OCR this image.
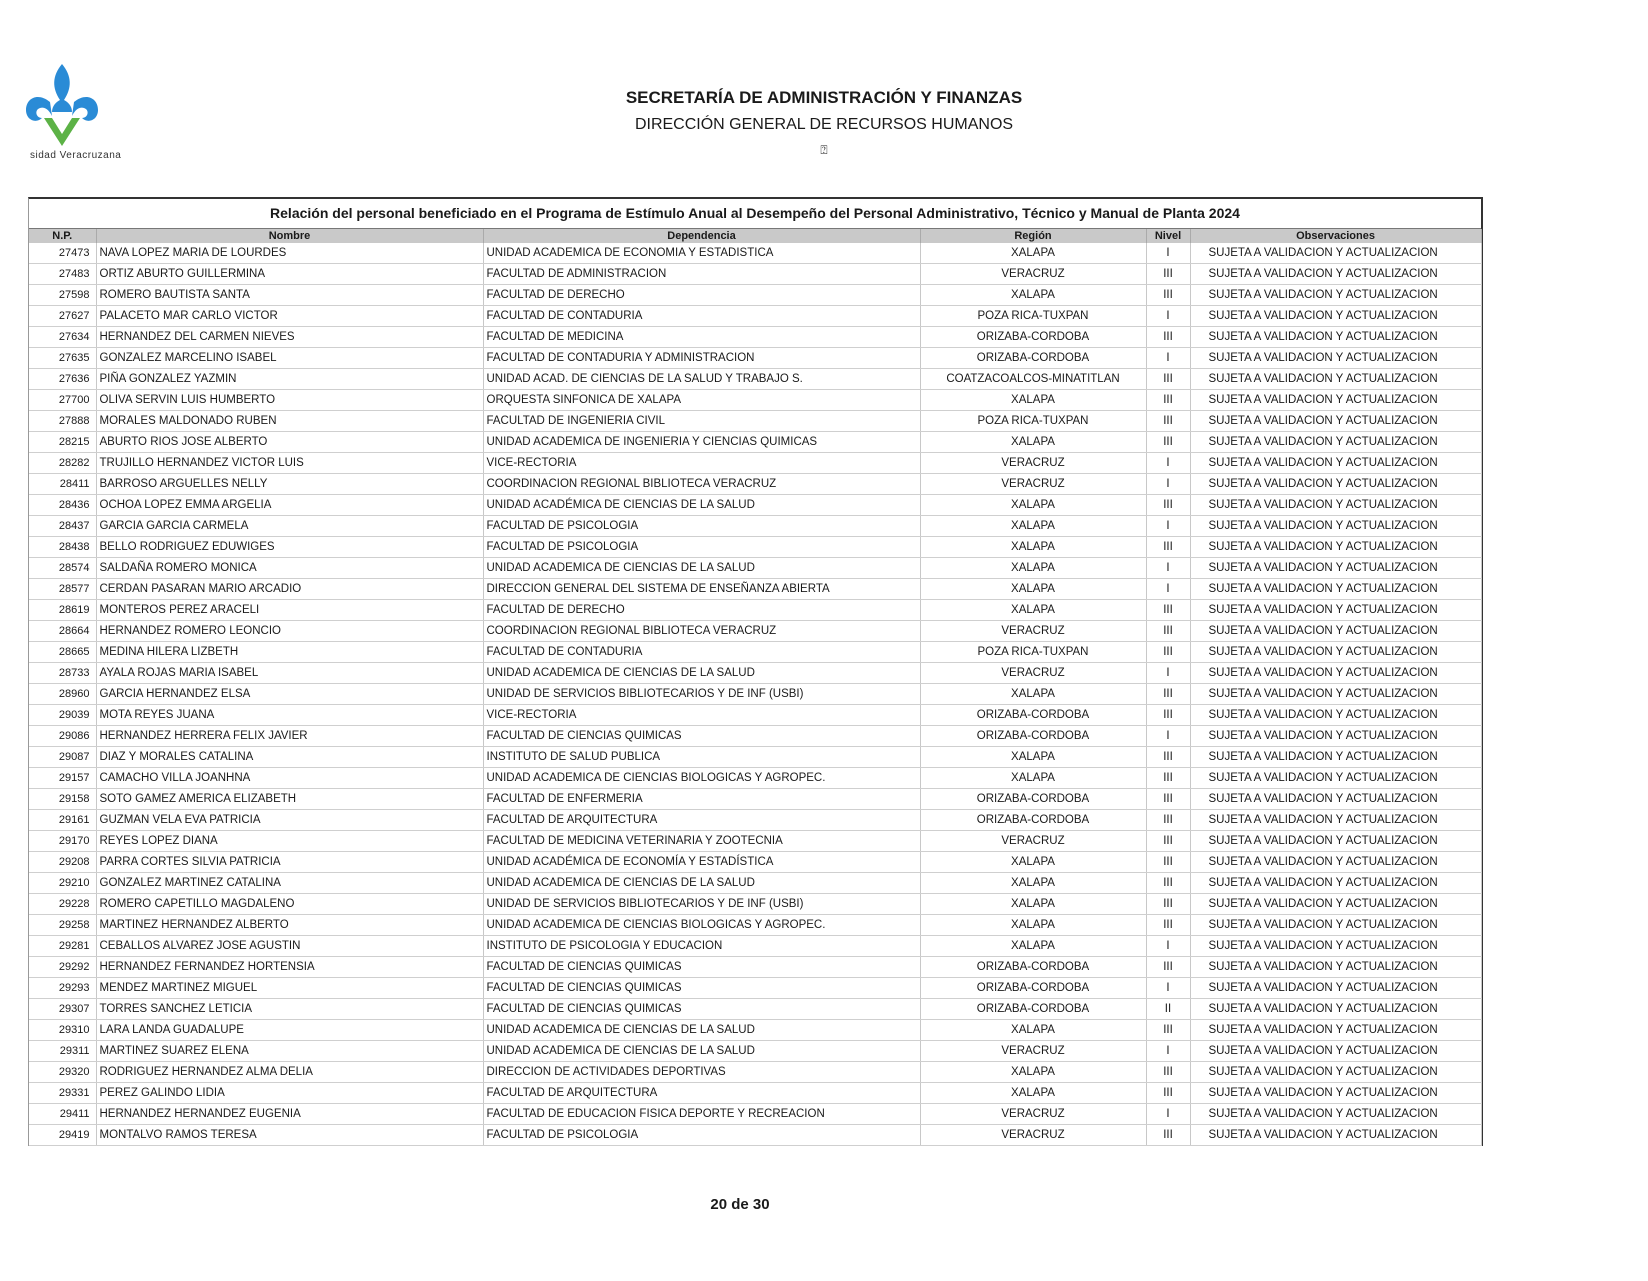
sidad Veracruzana
SECRETARÍA DE ADMINISTRACIÓN Y FINANZAS
DIRECCIÓN GENERAL DE RECURSOS HUMANOS
⍰
Relación del personal beneficiado en el Programa de Estímulo Anual al Desempeño del Personal Administrativo, Técnico y Manual de Planta 2024
N.P.	Nombre	Dependencia	Región	Nivel	Observaciones
27473	NAVA LOPEZ MARIA DE LOURDES	UNIDAD ACADEMICA DE ECONOMIA Y ESTADISTICA	XALAPA	I	SUJETA A VALIDACION Y ACTUALIZACION
27483	ORTIZ ABURTO GUILLERMINA	FACULTAD DE ADMINISTRACION	VERACRUZ	III	SUJETA A VALIDACION Y ACTUALIZACION
27598	ROMERO BAUTISTA SANTA	FACULTAD DE DERECHO	XALAPA	III	SUJETA A VALIDACION Y ACTUALIZACION
27627	PALACETO MAR CARLO VICTOR	FACULTAD DE CONTADURIA	POZA RICA-TUXPAN	I	SUJETA A VALIDACION Y ACTUALIZACION
27634	HERNANDEZ DEL CARMEN NIEVES	FACULTAD DE MEDICINA	ORIZABA-CORDOBA	III	SUJETA A VALIDACION Y ACTUALIZACION
27635	GONZALEZ MARCELINO ISABEL	FACULTAD DE CONTADURIA Y ADMINISTRACION	ORIZABA-CORDOBA	I	SUJETA A VALIDACION Y ACTUALIZACION
27636	PIÑA GONZALEZ YAZMIN	UNIDAD ACAD. DE CIENCIAS DE LA SALUD Y TRABAJO S.	COATZACOALCOS-MINATITLAN	III	SUJETA A VALIDACION Y ACTUALIZACION
27700	OLIVA SERVIN LUIS HUMBERTO	ORQUESTA SINFONICA DE XALAPA	XALAPA	III	SUJETA A VALIDACION Y ACTUALIZACION
27888	MORALES MALDONADO RUBEN	FACULTAD DE INGENIERIA CIVIL	POZA RICA-TUXPAN	III	SUJETA A VALIDACION Y ACTUALIZACION
28215	ABURTO RIOS JOSE ALBERTO	UNIDAD ACADEMICA DE INGENIERIA Y CIENCIAS QUIMICAS	XALAPA	III	SUJETA A VALIDACION Y ACTUALIZACION
28282	TRUJILLO HERNANDEZ VICTOR LUIS	VICE-RECTORIA	VERACRUZ	I	SUJETA A VALIDACION Y ACTUALIZACION
28411	BARROSO ARGUELLES NELLY	COORDINACION REGIONAL BIBLIOTECA VERACRUZ	VERACRUZ	I	SUJETA A VALIDACION Y ACTUALIZACION
28436	OCHOA LOPEZ EMMA ARGELIA	UNIDAD ACADÉMICA DE CIENCIAS DE LA SALUD	XALAPA	III	SUJETA A VALIDACION Y ACTUALIZACION
28437	GARCIA GARCIA CARMELA	FACULTAD DE PSICOLOGIA	XALAPA	I	SUJETA A VALIDACION Y ACTUALIZACION
28438	BELLO RODRIGUEZ EDUWIGES	FACULTAD DE PSICOLOGIA	XALAPA	III	SUJETA A VALIDACION Y ACTUALIZACION
28574	SALDAÑA ROMERO MONICA	UNIDAD ACADEMICA DE CIENCIAS DE LA SALUD	XALAPA	I	SUJETA A VALIDACION Y ACTUALIZACION
28577	CERDAN PASARAN MARIO ARCADIO	DIRECCION GENERAL DEL SISTEMA DE ENSEÑANZA ABIERTA	XALAPA	I	SUJETA A VALIDACION Y ACTUALIZACION
28619	MONTEROS PEREZ ARACELI	FACULTAD DE DERECHO	XALAPA	III	SUJETA A VALIDACION Y ACTUALIZACION
28664	HERNANDEZ ROMERO LEONCIO	COORDINACION REGIONAL BIBLIOTECA VERACRUZ	VERACRUZ	III	SUJETA A VALIDACION Y ACTUALIZACION
28665	MEDINA HILERA LIZBETH	FACULTAD DE CONTADURIA	POZA RICA-TUXPAN	III	SUJETA A VALIDACION Y ACTUALIZACION
28733	AYALA ROJAS MARIA ISABEL	UNIDAD ACADEMICA DE CIENCIAS DE LA SALUD	VERACRUZ	I	SUJETA A VALIDACION Y ACTUALIZACION
28960	GARCIA HERNANDEZ ELSA	UNIDAD DE SERVICIOS BIBLIOTECARIOS Y DE INF (USBI)	XALAPA	III	SUJETA A VALIDACION Y ACTUALIZACION
29039	MOTA REYES JUANA	VICE-RECTORIA	ORIZABA-CORDOBA	III	SUJETA A VALIDACION Y ACTUALIZACION
29086	HERNANDEZ HERRERA FELIX JAVIER	FACULTAD DE CIENCIAS QUIMICAS	ORIZABA-CORDOBA	I	SUJETA A VALIDACION Y ACTUALIZACION
29087	DIAZ Y MORALES CATALINA	INSTITUTO DE SALUD PUBLICA	XALAPA	III	SUJETA A VALIDACION Y ACTUALIZACION
29157	CAMACHO VILLA JOANHNA	UNIDAD ACADEMICA DE CIENCIAS BIOLOGICAS Y AGROPEC.	XALAPA	III	SUJETA A VALIDACION Y ACTUALIZACION
29158	SOTO GAMEZ AMERICA ELIZABETH	FACULTAD DE ENFERMERIA	ORIZABA-CORDOBA	III	SUJETA A VALIDACION Y ACTUALIZACION
29161	GUZMAN VELA EVA PATRICIA	FACULTAD DE ARQUITECTURA	ORIZABA-CORDOBA	III	SUJETA A VALIDACION Y ACTUALIZACION
29170	REYES LOPEZ DIANA	FACULTAD DE MEDICINA VETERINARIA Y ZOOTECNIA	VERACRUZ	III	SUJETA A VALIDACION Y ACTUALIZACION
29208	PARRA CORTES SILVIA PATRICIA	UNIDAD ACADÉMICA DE ECONOMÍA Y ESTADÍSTICA	XALAPA	III	SUJETA A VALIDACION Y ACTUALIZACION
29210	GONZALEZ MARTINEZ CATALINA	UNIDAD ACADEMICA DE CIENCIAS DE LA SALUD	XALAPA	III	SUJETA A VALIDACION Y ACTUALIZACION
29228	ROMERO CAPETILLO MAGDALENO	UNIDAD DE SERVICIOS BIBLIOTECARIOS Y DE INF (USBI)	XALAPA	III	SUJETA A VALIDACION Y ACTUALIZACION
29258	MARTINEZ HERNANDEZ ALBERTO	UNIDAD ACADEMICA DE CIENCIAS BIOLOGICAS Y AGROPEC.	XALAPA	III	SUJETA A VALIDACION Y ACTUALIZACION
29281	CEBALLOS ALVAREZ JOSE AGUSTIN	INSTITUTO DE PSICOLOGIA Y EDUCACION	XALAPA	I	SUJETA A VALIDACION Y ACTUALIZACION
29292	HERNANDEZ FERNANDEZ HORTENSIA	FACULTAD DE CIENCIAS QUIMICAS	ORIZABA-CORDOBA	III	SUJETA A VALIDACION Y ACTUALIZACION
29293	MENDEZ MARTINEZ MIGUEL	FACULTAD DE CIENCIAS QUIMICAS	ORIZABA-CORDOBA	I	SUJETA A VALIDACION Y ACTUALIZACION
29307	TORRES SANCHEZ LETICIA	FACULTAD DE CIENCIAS QUIMICAS	ORIZABA-CORDOBA	II	SUJETA A VALIDACION Y ACTUALIZACION
29310	LARA LANDA GUADALUPE	UNIDAD ACADEMICA DE CIENCIAS DE LA SALUD	XALAPA	III	SUJETA A VALIDACION Y ACTUALIZACION
29311	MARTINEZ SUAREZ ELENA	UNIDAD ACADEMICA DE CIENCIAS DE LA SALUD	VERACRUZ	I	SUJETA A VALIDACION Y ACTUALIZACION
29320	RODRIGUEZ HERNANDEZ ALMA DELIA	DIRECCION DE ACTIVIDADES DEPORTIVAS	XALAPA	III	SUJETA A VALIDACION Y ACTUALIZACION
29331	PEREZ GALINDO LIDIA	FACULTAD DE ARQUITECTURA	XALAPA	III	SUJETA A VALIDACION Y ACTUALIZACION
29411	HERNANDEZ HERNANDEZ EUGENIA	FACULTAD DE EDUCACION FISICA DEPORTE Y RECREACION	VERACRUZ	I	SUJETA A VALIDACION Y ACTUALIZACION
29419	MONTALVO RAMOS TERESA	FACULTAD DE PSICOLOGIA	VERACRUZ	III	SUJETA A VALIDACION Y ACTUALIZACION
20 de 30
